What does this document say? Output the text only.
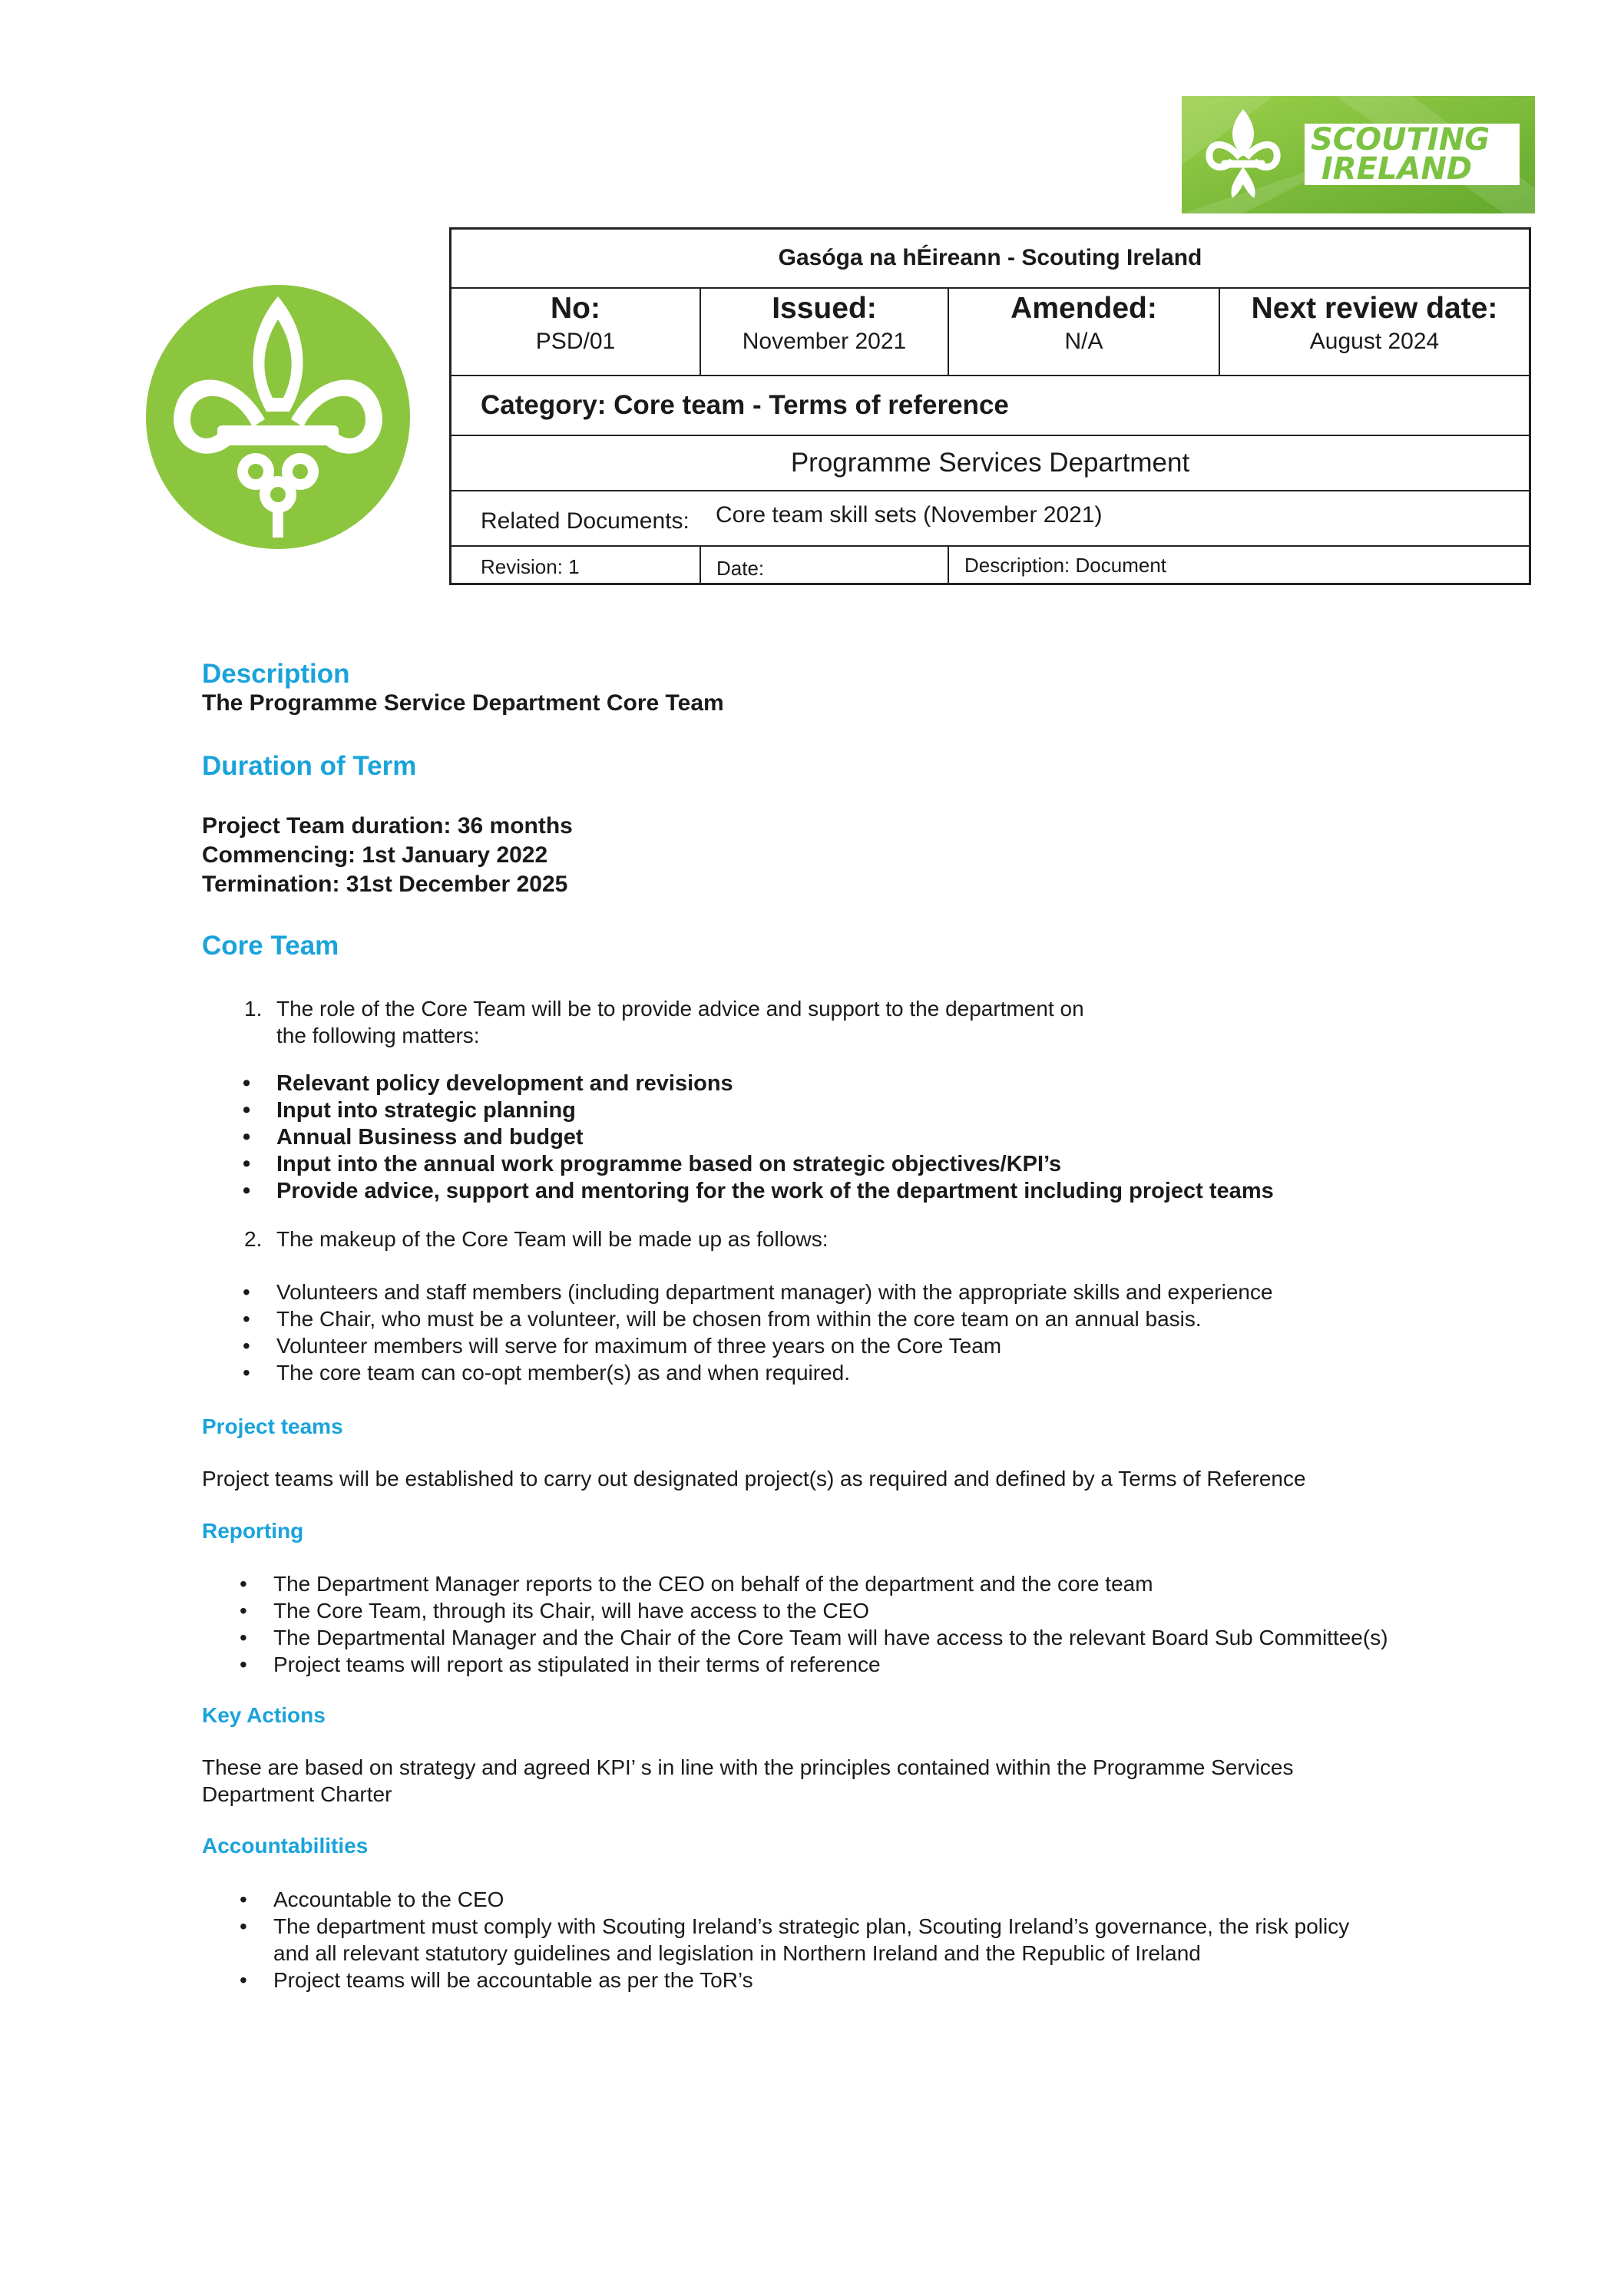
SCOUTING
IRELAND
Gasóga na hÉireann - Scouting Ireland
No:
PSD/01
Issued:
November 2021
Amended:
N/A
Next review date:
August 2024
Category: Core team - Terms of reference
Programme Services Department
Related Documents: Core team skill sets (November 2021)
Revision: 1	Date:	Description: Document
Description
The Programme Service Department Core Team
Duration of Term
Project Team duration: 36 months
Commencing: 1st January 2022
Termination: 31st December 2025
Core Team
1. The role of the Core Team will be to provide advice and support to the department on
the following matters:
• Relevant policy development and revisions
• Input into strategic planning
• Annual Business and budget
• Input into the annual work programme based on strategic objectives/KPI’s
• Provide advice, support and mentoring for the work of the department including project teams
2. The makeup of the Core Team will be made up as follows:
• Volunteers and staff members (including department manager) with the appropriate skills and experience
• The Chair, who must be a volunteer, will be chosen from within the core team on an annual basis.
• Volunteer members will serve for maximum of three years on the Core Team
• The core team can co-opt member(s) as and when required.
Project teams
Project teams will be established to carry out designated project(s) as required and defined by a Terms of Reference
Reporting
• The Department Manager reports to the CEO on behalf of the department and the core team
• The Core Team, through its Chair, will have access to the CEO
• The Departmental Manager and the Chair of the Core Team will have access to the relevant Board Sub Committee(s)
• Project teams will report as stipulated in their terms of reference
Key Actions
These are based on strategy and agreed KPI’ s in line with the principles contained within the Programme Services
Department Charter
Accountabilities
• Accountable to the CEO
• The department must comply with Scouting Ireland’s strategic plan, Scouting Ireland’s governance, the risk policy
and all relevant statutory guidelines and legislation in Northern Ireland and the Republic of Ireland
• Project teams will be accountable as per the ToR’s
